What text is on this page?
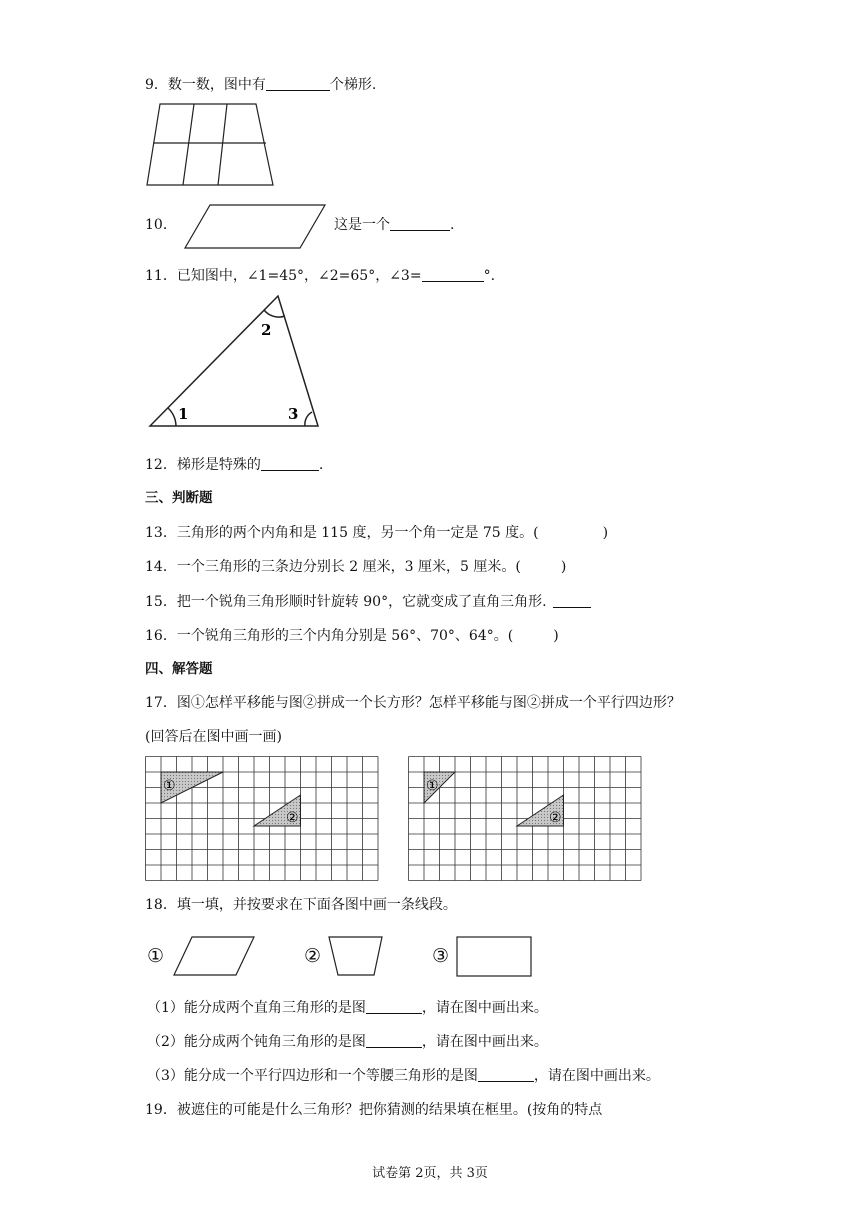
9．数一数，图中有	个梯形.
10．	这是一个	.
11．已知图中，∠1=45°，∠2=65°，∠3=	°.
1
2
3
12．梯形是特殊的	.
三、判断题
13．三角形的两个内角和是 115 度，另一个角一定是 75 度。(	)
14．一个三角形的三条边分别长 2 厘米，3 厘米，5 厘米。(	)
15．把一个锐角三角形顺时针旋转 90°，它就变成了直角三角形.
16．一个锐角三角形的三个内角分别是 56°、70°、64°。(	)
四、解答题
17．图①怎样平移能与图②拼成一个长方形？怎样平移能与图②拼成一个平行四边形？
(回答后在图中画一画)
①
②
①
②
18．填一填，并按要求在下面各图中画一条线段。
①	②	③
（1）能分成两个直角三角形的是图	，请在图中画出来。
（2）能分成两个钝角三角形的是图	，请在图中画出来。
（3）能分成一个平行四边形和一个等腰三角形的是图	，请在图中画出来。
19．被遮住的可能是什么三角形？把你猜测的结果填在框里。(按角的特点
试卷第 2页，共 3页
